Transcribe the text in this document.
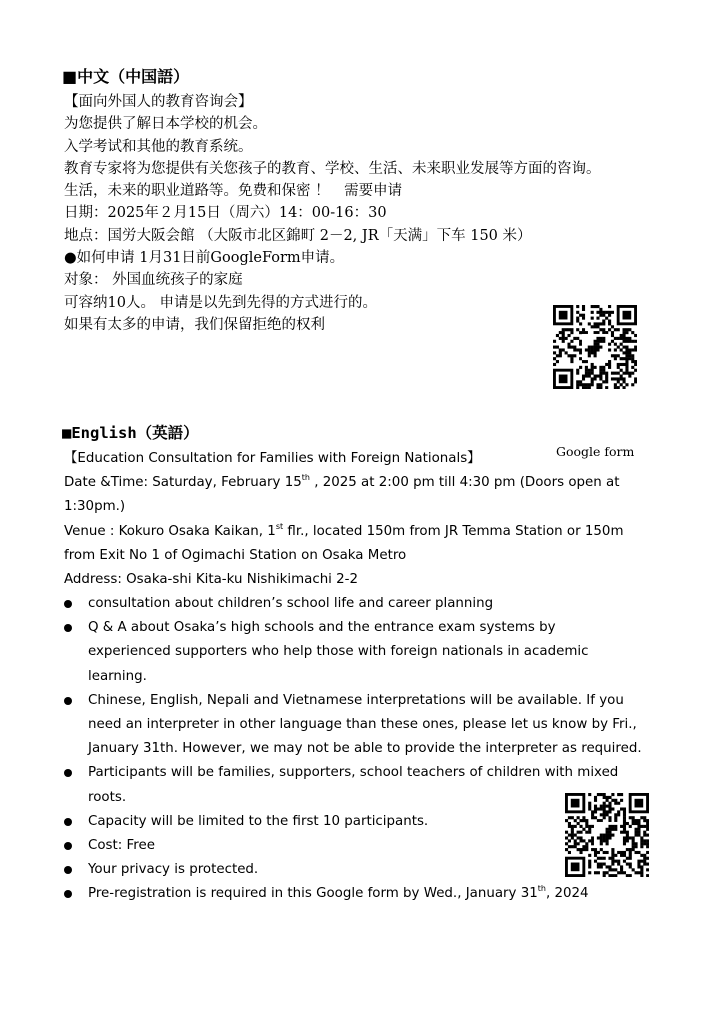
■中文（中国語）
【面向外国人的教育咨询会】
为您提供了解日本学校的机会。
入学考试和其他的教育系统。
教育专家将为您提供有关您孩子的教育、学校、生活、未来职业发展等方面的咨询。
生活，未来的职业道路等。免费和保密 ！　需要申请
日期：2025年２月15日（周六）14：00-16：30
地点：国労大阪会館 （大阪市北区錦町 2－2, JR「天满」下车 150 米）
●如何申请 1月31日前GoogleForm申请。
对象： 外国血统孩子的家庭
可容纳10人。 申请是以先到先得的方式进行的。
如果有太多的申请，我们保留拒绝的权利
■English（英語）
Google form
【Education Consultation for Families with Foreign Nationals】
Date &Time: Saturday, February 15th , 2025 at 2:00 pm till 4:30 pm (Doors open at
1:30pm.)
Venue : Kokuro Osaka Kaikan, 1st flr., located 150m from JR Temma Station or 150m
from Exit No 1 of Ogimachi Station on Osaka Metro
Address: Osaka-shi Kita-ku Nishikimachi 2-2
consultation about children’s school life and career planning
Q & A about Osaka’s high schools and the entrance exam systems by
experienced supporters who help those with foreign nationals in academic
learning.
Chinese, English, Nepali and Vietnamese interpretations will be available. If you
need an interpreter in other language than these ones, please let us know by Fri.,
January 31th. However, we may not be able to provide the interpreter as required.
Participants will be families, supporters, school teachers of children with mixed
roots.
Capacity will be limited to the first 10 participants.
Cost: Free
Your privacy is protected.
Pre-registration is required in this Google form by Wed., January 31th, 2024
